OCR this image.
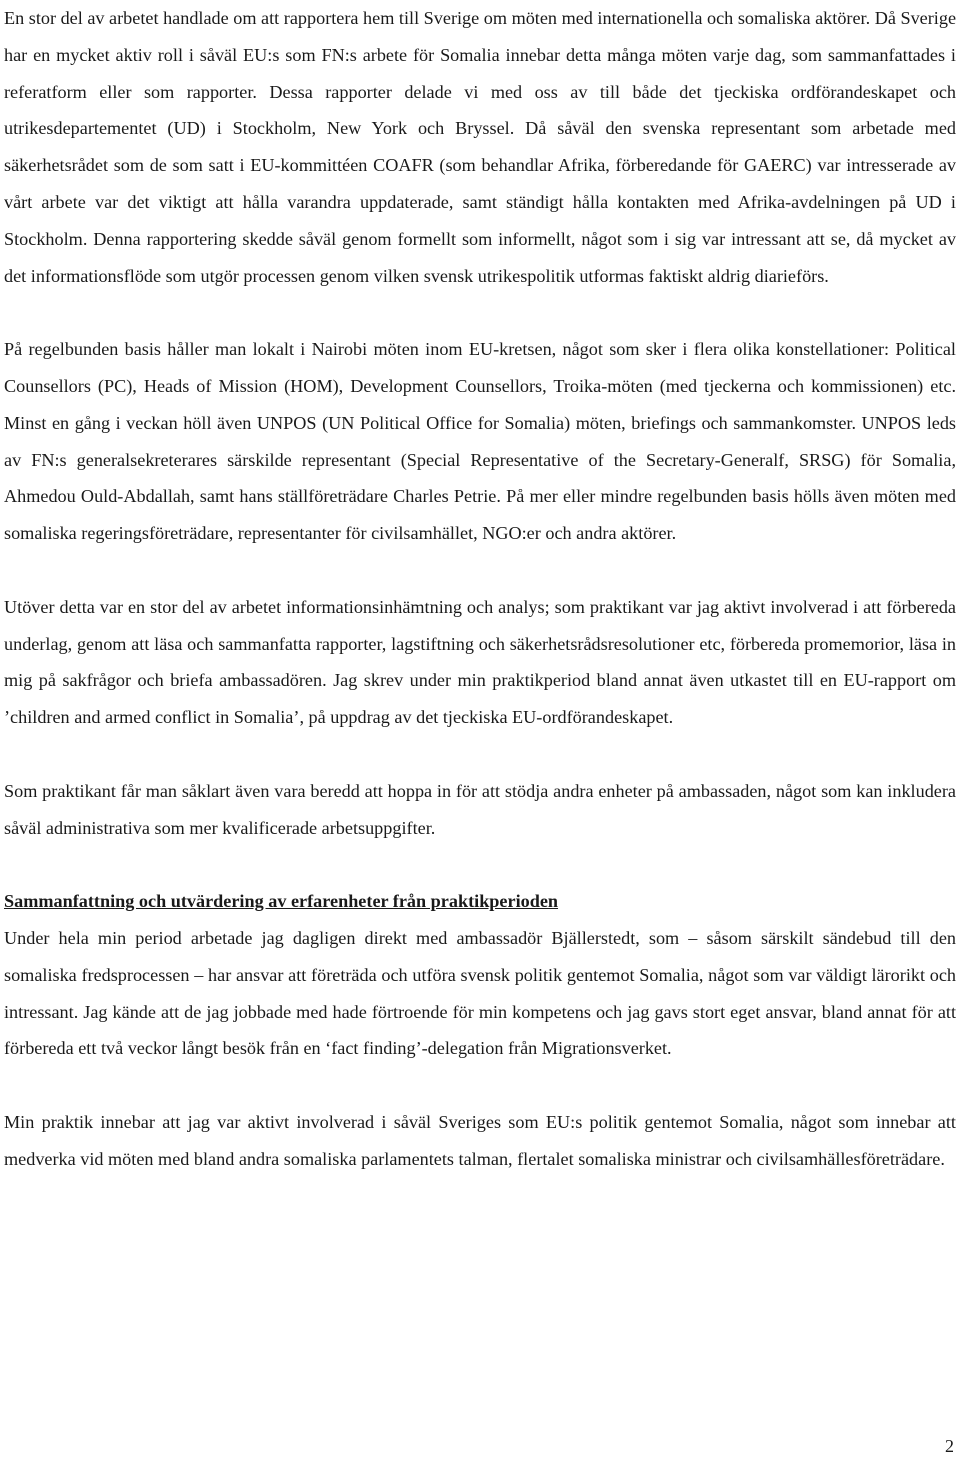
En stor del av arbetet handlade om att rapportera hem till Sverige om möten med internationella och somaliska aktörer. Då Sverige har en mycket aktiv roll i såväl EU:s som FN:s arbete för Somalia innebar detta många möten varje dag, som sammanfattades i referatform eller som rapporter. Dessa rapporter delade vi med oss av till både det tjeckiska ordförandeskapet och utrikesdepartementet (UD) i Stockholm, New York och Bryssel. Då såväl den svenska representant som arbetade med säkerhetsrådet som de som satt i EU-kommittéen COAFR (som behandlar Afrika, förberedande för GAERC) var intresserade av vårt arbete var det viktigt att hålla varandra uppdaterade, samt ständigt hålla kontakten med Afrika-avdelningen på UD i Stockholm. Denna rapportering skedde såväl genom formellt som informellt, något som i sig var intressant att se, då mycket av det informationsflöde som utgör processen genom vilken svensk utrikespolitik utformas faktiskt aldrig diarieförs.

På regelbunden basis håller man lokalt i Nairobi möten inom EU-kretsen, något som sker i flera olika konstellationer: Political Counsellors (PC), Heads of Mission (HOM), Development Counsellors, Troika-möten (med tjeckerna och kommissionen) etc. Minst en gång i veckan höll även UNPOS (UN Political Office for Somalia) möten, briefings och sammankomster. UNPOS leds av FN:s generalsekreterares särskilde representant (Special Representative of the Secretary-Generalf, SRSG) för Somalia, Ahmedou Ould-Abdallah, samt hans ställföreträdare Charles Petrie. På mer eller mindre regelbunden basis hölls även möten med somaliska regeringsföreträdare, representanter för civilsamhället, NGO:er och andra aktörer.

Utöver detta var en stor del av arbetet informationsinhämtning och analys; som praktikant var jag aktivt involverad i att förbereda underlag, genom att läsa och sammanfatta rapporter, lagstiftning och säkerhetsrådsresolutioner etc, förbereda promemorior, läsa in mig på sakfrågor och briefa ambassadören. Jag skrev under min praktikperiod bland annat även utkastet till en EU-rapport om ’children and armed conflict in Somalia’, på uppdrag av det tjeckiska EU-ordförandeskapet.

Som praktikant får man såklart även vara beredd att hoppa in för att stödja andra enheter på ambassaden, något som kan inkludera såväl administrativa som mer kvalificerade arbetsuppgifter.

Sammanfattning och utvärdering av erfarenheter från praktikperioden

Under hela min period arbetade jag dagligen direkt med ambassadör Bjällerstedt, som – såsom särskilt sändebud till den somaliska fredsprocessen – har ansvar att företräda och utföra svensk politik gentemot Somalia, något som var väldigt lärorikt och intressant. Jag kände att de jag jobbade med hade förtroende för min kompetens och jag gavs stort eget ansvar, bland annat för att förbereda ett två veckor långt besök från en ‘fact finding’-delegation från Migrationsverket.

Min praktik innebar att jag var aktivt involverad i såväl Sveriges som EU:s politik gentemot Somalia, något som innebar att medverka vid möten med bland andra somaliska parlamentets talman, flertalet somaliska ministrar och civilsamhällesföreträdare.

2
